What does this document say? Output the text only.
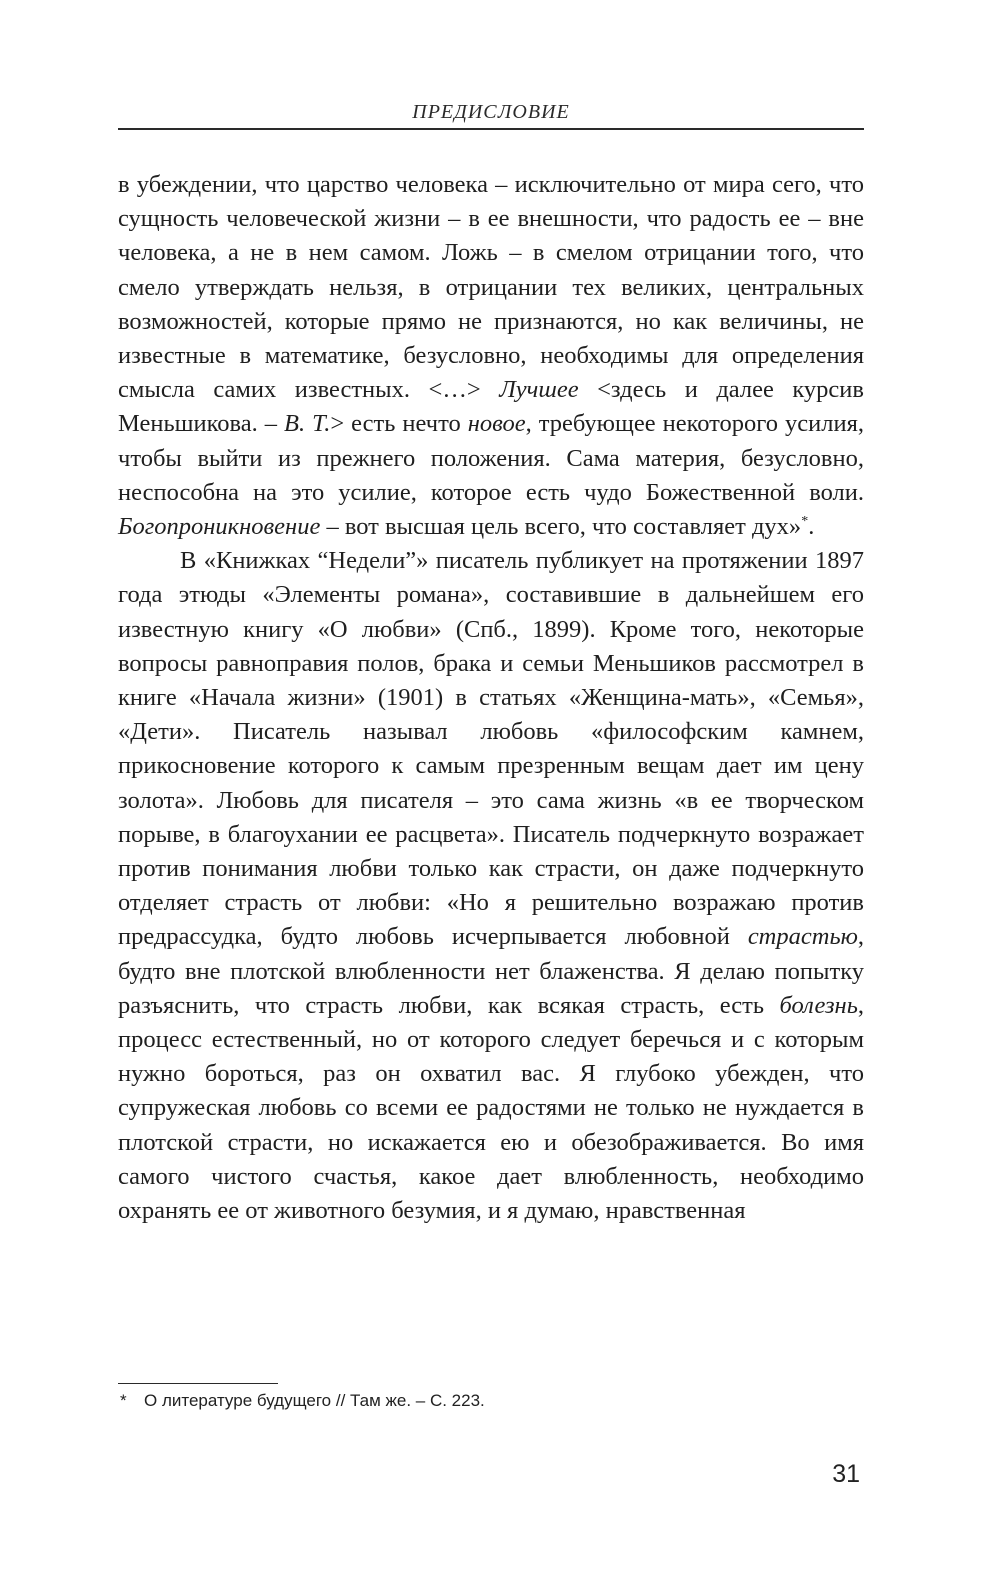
ПРЕДИСЛОВИЕ

в убеждении, что царство человека – исключительно от мира сего, что сущность человеческой жизни – в ее внешности, что радость ее – вне человека, а не в нем самом. Ложь – в смелом отрицании того, что смело утверждать нельзя, в отрицании тех великих, центральных возможностей, которые прямо не признаются, но как величины, не известные в математике, безусловно, необходимы для определения смысла самих известных. <…> Лучшее <здесь и далее курсив Меньшикова. – В. Т.> есть нечто новое, требующее некоторого усилия, чтобы выйти из прежнего положения. Сама материя, безусловно, неспособна на это усилие, которое есть чудо Божественной воли. Богопроникновение – вот высшая цель всего, что составляет дух»*.

В «Книжках “Недели”» писатель публикует на протяжении 1897 года этюды «Элементы романа», составившие в дальнейшем его известную книгу «О любви» (Спб., 1899). Кроме того, некоторые вопросы равноправия полов, брака и семьи Меньшиков рассмотрел в книге «Начала жизни» (1901) в статьях «Женщина-мать», «Семья», «Дети». Писатель называл любовь «философским камнем, прикосновение которого к самым презренным вещам дает им цену золота». Любовь для писателя – это сама жизнь «в ее творческом порыве, в благоухании ее расцвета». Писатель подчеркнуто возражает против понимания любви только как страсти, он даже подчеркнуто отделяет страсть от любви: «Но я решительно возражаю против предрассудка, будто любовь исчерпывается любовной страстью, будто вне плотской влюбленности нет блаженства. Я делаю попытку разъяснить, что страсть любви, как всякая страсть, есть болезнь, процесс естественный, но от которого следует беречься и с которым нужно бороться, раз он охватил вас. Я глубоко убежден, что супружеская любовь со всеми ее радостями не только не нуждается в плотской страсти, но искажается ею и обезображивается. Во имя самого чистого счастья, какое дает влюбленность, необходимо охранять ее от животного безумия, и я думаю, нравственная

* О литературе будущего // Там же. – С. 223.
31
